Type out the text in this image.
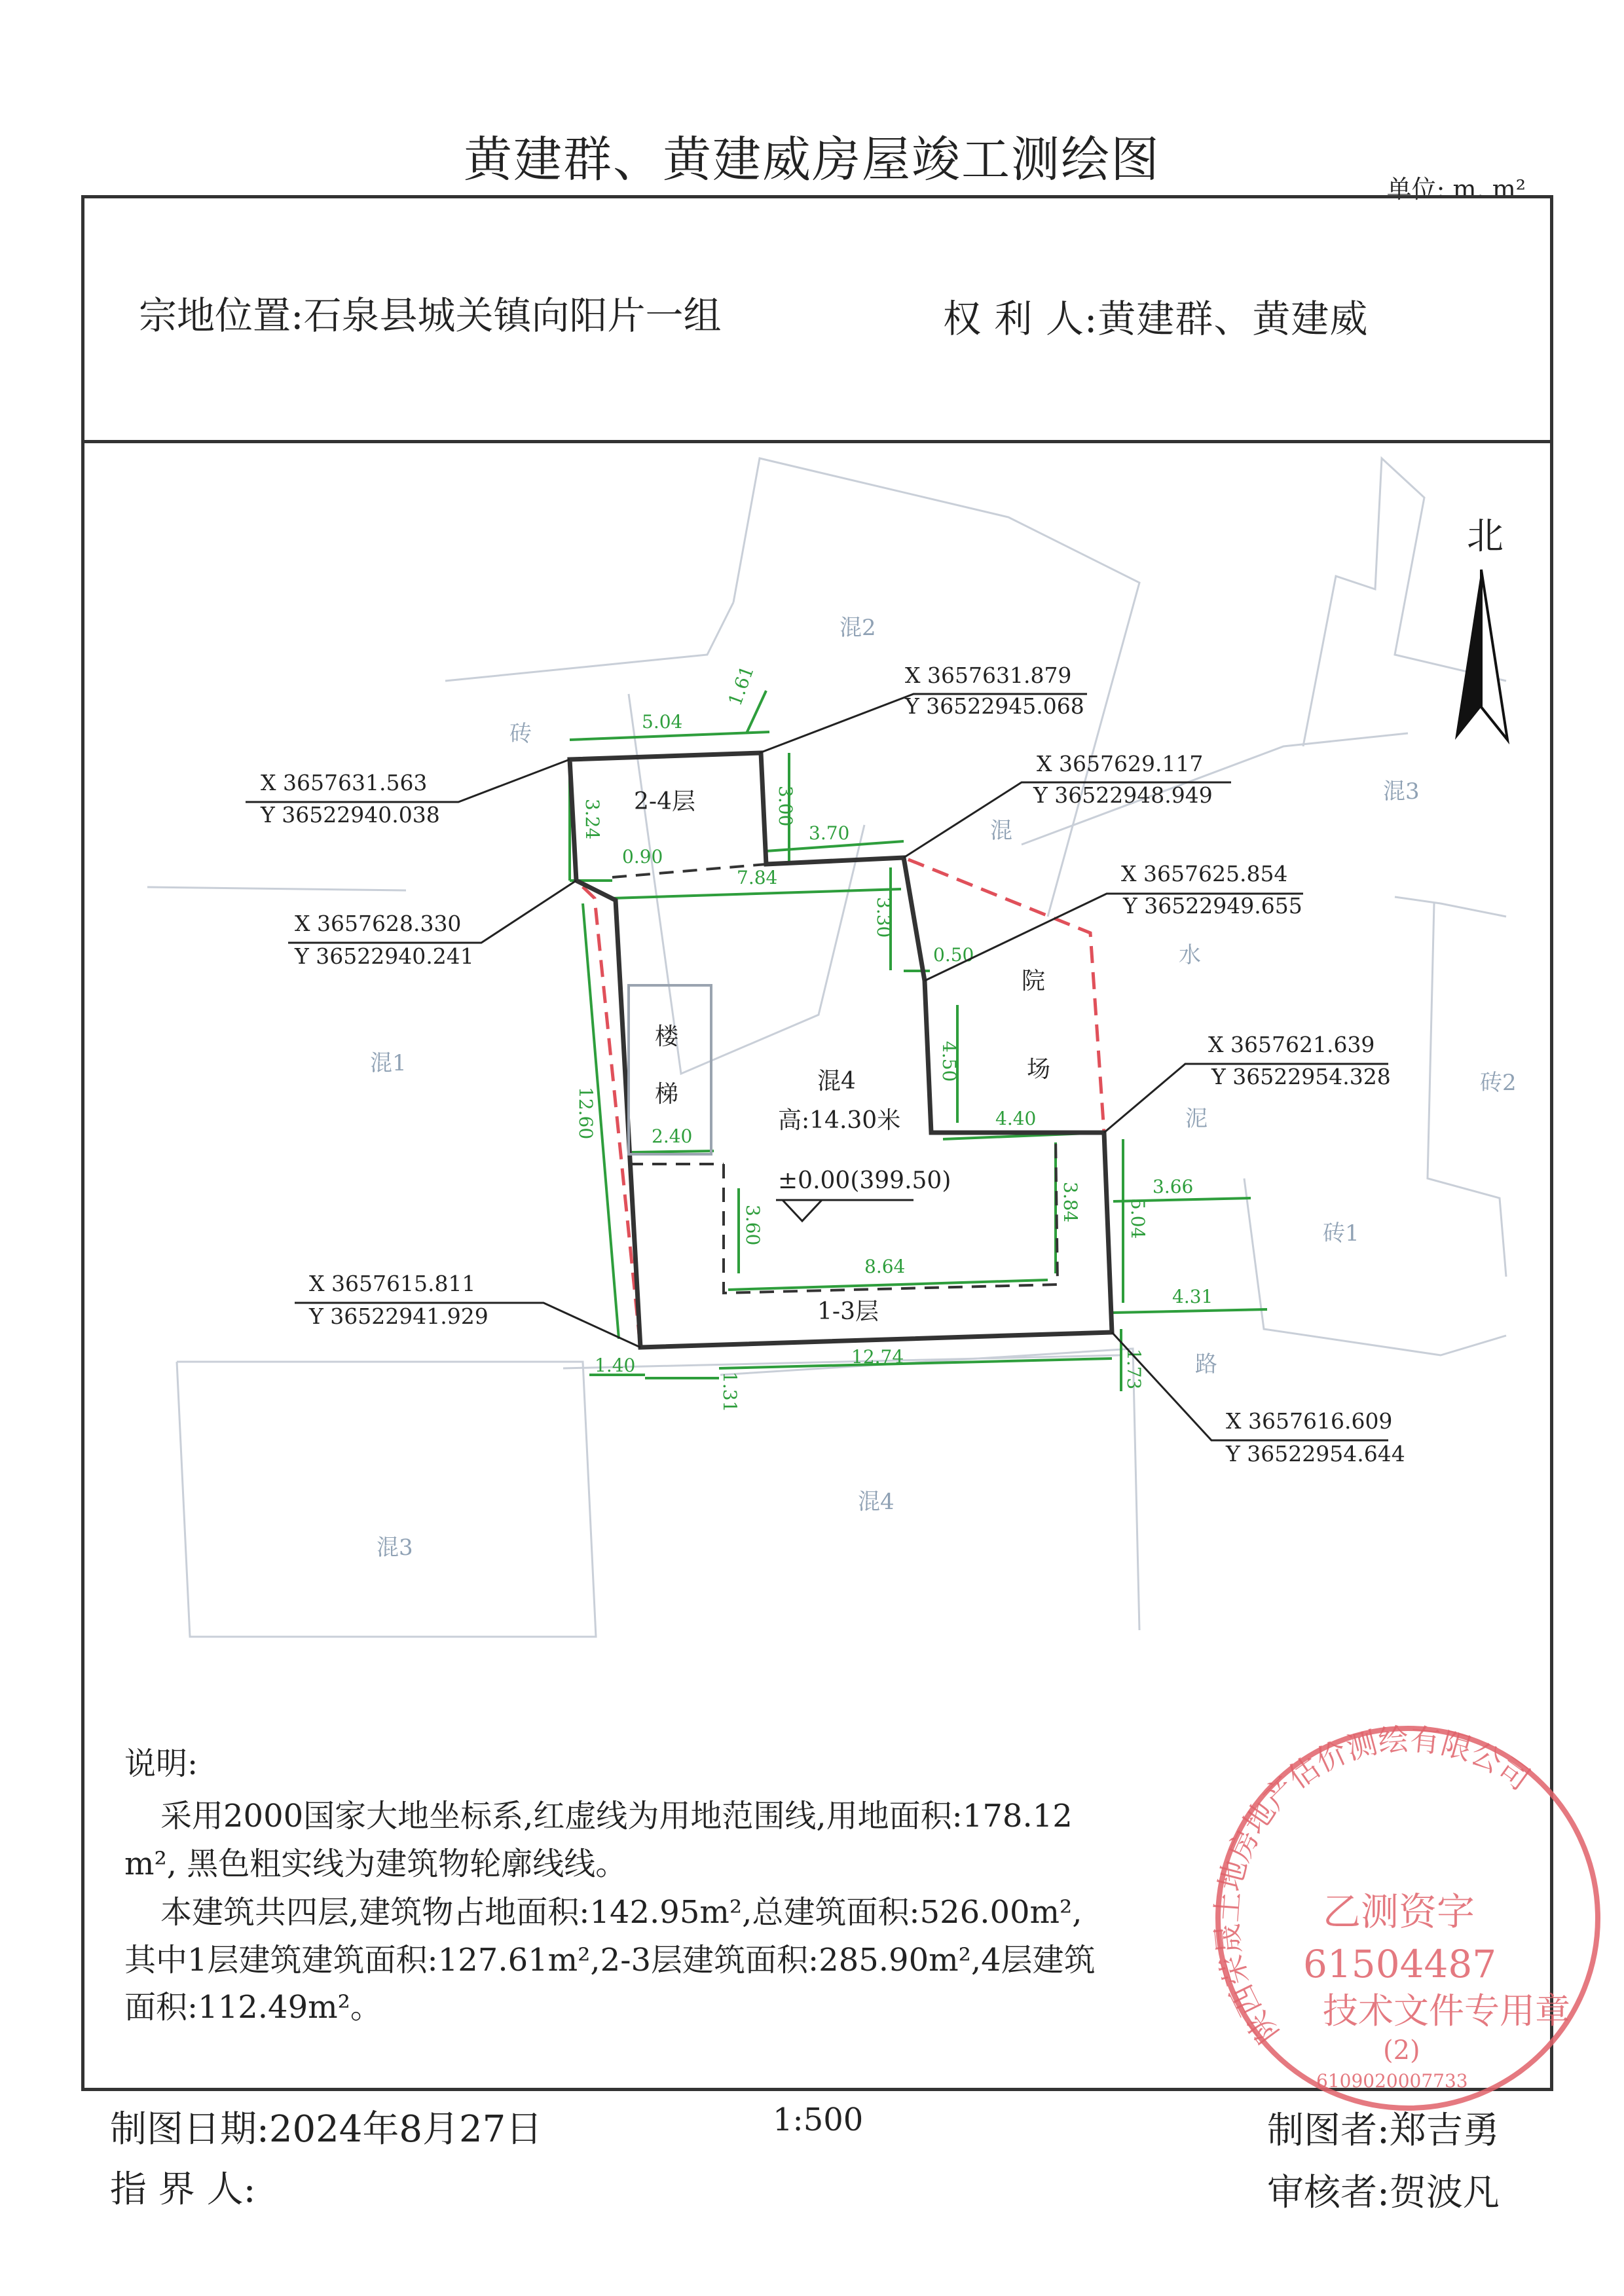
黄建群、黄建威房屋竣工测绘图
单位: m. m²
宗地位置:石泉县城关镇向阳片一组	权 利 人:黄建群、黄建威
砖
混2
混3
混
水
混1
泥
砖2
砖1
路
混3
混4
北
5.04
1.61
3.00
3.70
3.24
0.90
7.84
3.30
0.50
4.50
4.40
12.60	2.40
3.60
8.64
3.84	3.66
5.04
4.31
1.40
1.31
12.74	1.73
2-4层
混4
高:14.30米
±0.00(399.50)
1-3层
楼
梯
院
场
X 3657631.879
Y 36522945.068
X 3657631.563
Y 36522940.038
X 3657629.117
Y 36522948.949
X 3657628.330
Y 36522940.241
X 3657625.854
Y 36522949.655
X 3657621.639
Y 36522954.328
X 3657615.811
Y 36522941.929
X 3657616.609
Y 36522954.644
陕西荣晟土地房地产估价测绘有限公司
乙测资字
61504487
技术文件专用章
(2)
6109020007733
说明:
采用2000国家大地坐标系,红虚线为用地范围线,用地面积:178.12
m², 黑色粗实线为建筑物轮廓线线。
本建筑共四层,建筑物占地面积:142.95m²,总建筑面积:526.00m²,
其中1层建筑建筑面积:127.61m²,2-3层建筑面积:285.90m²,4层建筑
面积:112.49m²。
制图日期:2024年8月27日	1:500	制图者:郑吉勇
指 界 人:	审核者:贺波凡
